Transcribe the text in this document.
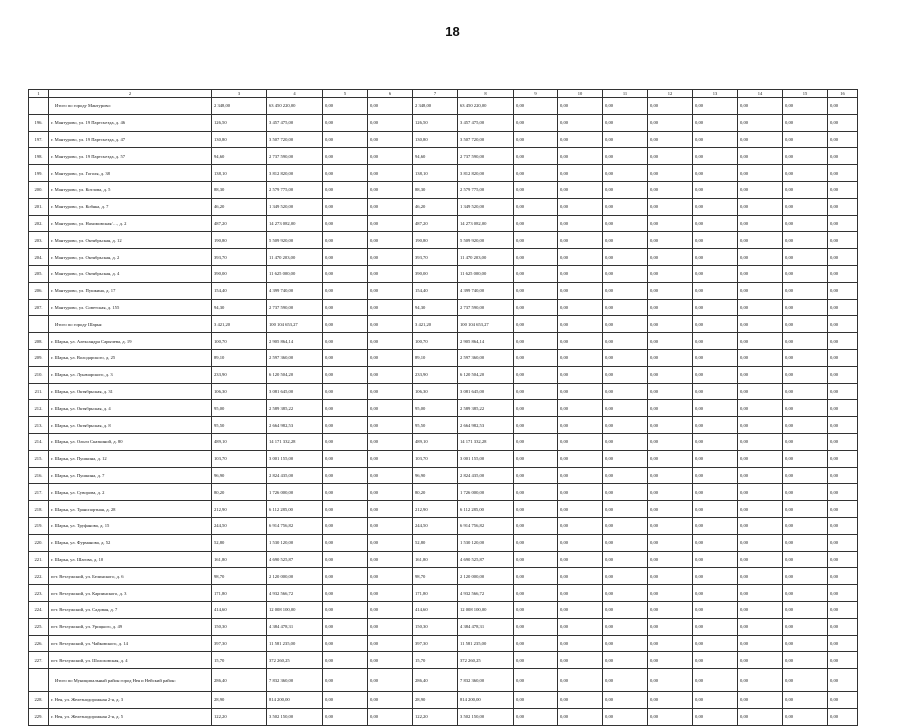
18
1	2	3	4	5	6	7	8	9	10	11	12	13	14	15	16
	Итого по городу Мантурово:	2 348,00	63 450 220,00	0,00	0,00	2 348,00	63 450 220,00	0,00	0,00	0,00	0,00	0,00	0,00	0,00	0,00
196.	г. Мантурово, ул. 19 Партсъезда, д. 46	126,50	3 457 475,00	0,00	0,00	126,50	3 457 475,00	0,00	0,00	0,00	0,00	0,00	0,00	0,00	0,00
197.	г. Мантурово, ул. 19 Партсъезда, д. 47	130,80	3 507 720,00	0,00	0,00	130,80	3 507 720,00	0,00	0,00	0,00	0,00	0,00	0,00	0,00	0,00
198.	г. Мантурово, ул. 19 Партсъезда, д. 57	94,60	2 737 590,00	0,00	0,00	94,60	2 737 590,00	0,00	0,00	0,00	0,00	0,00	0,00	0,00	0,00
199.	г. Мантурово, ул. Гоголя, д. 38	138,10	3 812 820,00	0,00	0,00	138,10	3 812 820,00	0,00	0,00	0,00	0,00	0,00	0,00	0,00	0,00
200.	г. Мантурово, ул. Котлова, д. 5	88,30	2 579 775,00	0,00	0,00	88,30	2 579 775,00	0,00	0,00	0,00	0,00	0,00	0,00	0,00	0,00
201.	г. Мантурово, ул. Кобяка, д. 7	46,20	1 349 520,00	0,00	0,00	46,20	1 349 520,00	0,00	0,00	0,00	0,00	0,00	0,00	0,00	0,00
202.	г. Мантурово, ул. Нахимовская/…, д. 2	487,20	14 273 082,00	0,00	0,00	487,20	14 273 082,00	0,00	0,00	0,00	0,00	0,00	0,00	0,00	0,00
203.	г. Мантурово, ул. Октябрьская, д. 12	190,80	5 509 920,00	0,00	0,00	190,80	5 509 920,00	0,00	0,00	0,00	0,00	0,00	0,00	0,00	0,00
204.	г. Мантурово, ул. Октябрьская, д. 2	393,70	11 470 203,00	0,00	0,00	393,70	11 470 203,00	0,00	0,00	0,00	0,00	0,00	0,00	0,00	0,00
205.	г. Мантурово, ул. Октябрьская, д. 4	390,00	11 625 000,00	0,00	0,00	390,00	11 625 000,00	0,00	0,00	0,00	0,00	0,00	0,00	0,00	0,00
206.	г. Мантурово, ул. Пушкина, д. 17	154,40	4 399 740,00	0,00	0,00	154,40	4 399 740,00	0,00	0,00	0,00	0,00	0,00	0,00	0,00	0,00
207.	г. Мантурово, ул. Советская, д. 155	94,30	2 737 590,00	0,00	0,00	94,30	2 737 590,00	0,00	0,00	0,00	0,00	0,00	0,00	0,00	0,00
	Итого по городу Шарья:	3 421,20	100 104 653,27	0,00	0,00	3 421,20	100 104 653,27	0,00	0,00	0,00	0,00	0,00	0,00	0,00	0,00
208.	г. Шарья, ул. Александра Сарычева, д. 19	100,70	2 905 864,14	0,00	0,00	100,70	2 905 864,14	0,00	0,00	0,00	0,00	0,00	0,00	0,00	0,00
209.	г. Шарья, ул. Володарского, д. 25	89,10	2 597 360,00	0,00	0,00	89,10	2 597 360,00	0,00	0,00	0,00	0,00	0,00	0,00	0,00	0,00
210.	г. Шарья, ул. Луначарского, д. 3	233,90	6 120 504,20	0,00	0,00	233,90	6 120 504,20	0,00	0,00	0,00	0,00	0,00	0,00	0,00	0,00
211.	г. Шарья, ул. Октябрьская, д. 31	106,30	3 081 645,00	0,00	0,00	106,30	3 081 645,00	0,00	0,00	0,00	0,00	0,00	0,00	0,00	0,00
212.	г. Шарья, ул. Октябрьская, д. 4	95,00	2 589 385,22	0,00	0,00	95,00	2 589 385,22	0,00	0,00	0,00	0,00	0,00	0,00	0,00	0,00
213.	г. Шарья, ул. Октябрьская, д. 8	95,50	2 664 982,53	0,00	0,00	95,50	2 664 982,53	0,00	0,00	0,00	0,00	0,00	0,00	0,00	0,00
214.	г. Шарья, ул. Ольги Сказкиной, д. 80	489,10	14 171 332,28	0,00	0,00	489,10	14 171 332,28	0,00	0,00	0,00	0,00	0,00	0,00	0,00	0,00
215.	г. Шарья, ул. Пушкина, д. 12	103,70	3 001 155,00	0,00	0,00	103,70	3 001 155,00	0,00	0,00	0,00	0,00	0,00	0,00	0,00	0,00
216.	г. Шарья, ул. Пушкина, д. 7	96,90	2 824 435,00	0,00	0,00	96,90	2 824 435,00	0,00	0,00	0,00	0,00	0,00	0,00	0,00	0,00
217.	г. Шарья, ул. Суворова, д. 2	80,20	1 726 000,00	0,00	0,00	80,20	1 726 000,00	0,00	0,00	0,00	0,00	0,00	0,00	0,00	0,00
218.	г. Шарья, ул. Транспортная, д. 28	212,90	6 112 285,00	0,00	0,00	212,90	6 112 285,00	0,00	0,00	0,00	0,00	0,00	0,00	0,00	0,00
219.	г. Шарья, ул. Труфанова, д. 15	244,50	6 914 756,82	0,00	0,00	244,50	6 914 756,82	0,00	0,00	0,00	0,00	0,00	0,00	0,00	0,00
220.	г. Шарья, ул. Фурманова, д. 52	52,80	1 530 120,00	0,00	0,00	52,80	1 530 120,00	0,00	0,00	0,00	0,00	0,00	0,00	0,00	0,00
221.	г. Шарья, ул. Шагова, д. 10	161,80	4 690 525,87	0,00	0,00	161,80	4 690 525,87	0,00	0,00	0,00	0,00	0,00	0,00	0,00	0,00
222.	пгт. Ветлужский, ул. Белинского, д. 6	98,70	2 120 000,00	0,00	0,00	98,70	2 120 000,00	0,00	0,00	0,00	0,00	0,00	0,00	0,00	0,00
223.	пгт. Ветлужский, ул. Карпинского, д. 3	171,80	4 932 566,72	0,00	0,00	171,80	4 932 566,72	0,00	0,00	0,00	0,00	0,00	0,00	0,00	0,00
224.	пгт. Ветлужский, ул. Садовая, д. 7	414,60	12 008 100,00	0,00	0,00	414,60	12 008 100,00	0,00	0,00	0,00	0,00	0,00	0,00	0,00	0,00
225.	пгт. Ветлужский, ул. Урицкого, д. 49	150,30	4 384 478,31	0,00	0,00	150,30	4 384 478,31	0,00	0,00	0,00	0,00	0,00	0,00	0,00	0,00
226.	пгт. Ветлужский, ул. Чайковского, д. 14	397,30	11 581 235,00	0,00	0,00	397,30	11 581 235,00	0,00	0,00	0,00	0,00	0,00	0,00	0,00	0,00
227.	пгт. Ветлужский, ул. Шолоховская, д. 4	15,70	372 260,25	0,00	0,00	15,70	372 260,25	0,00	0,00	0,00	0,00	0,00	0,00	0,00	0,00
	Итого по Муниципальный район город Нея и Нейский район:	286,40	7 832 360,00	0,00	0,00	286,40	7 832 360,00	0,00	0,00	0,00	0,00	0,00	0,00	0,00	0,00
228.	г. Нея, ул. Железнодорожная 2-я, д. 3	28,90	814 200,00	0,00	0,00	28,90	814 200,00	0,00	0,00	0,00	0,00	0,00	0,00	0,00	0,00
229.	г. Нея, ул. Железнодорожная 2-я, д. 5	122,20	3 502 150,00	0,00	0,00	122,20	3 502 150,00	0,00	0,00	0,00	0,00	0,00	0,00	0,00	0,00
